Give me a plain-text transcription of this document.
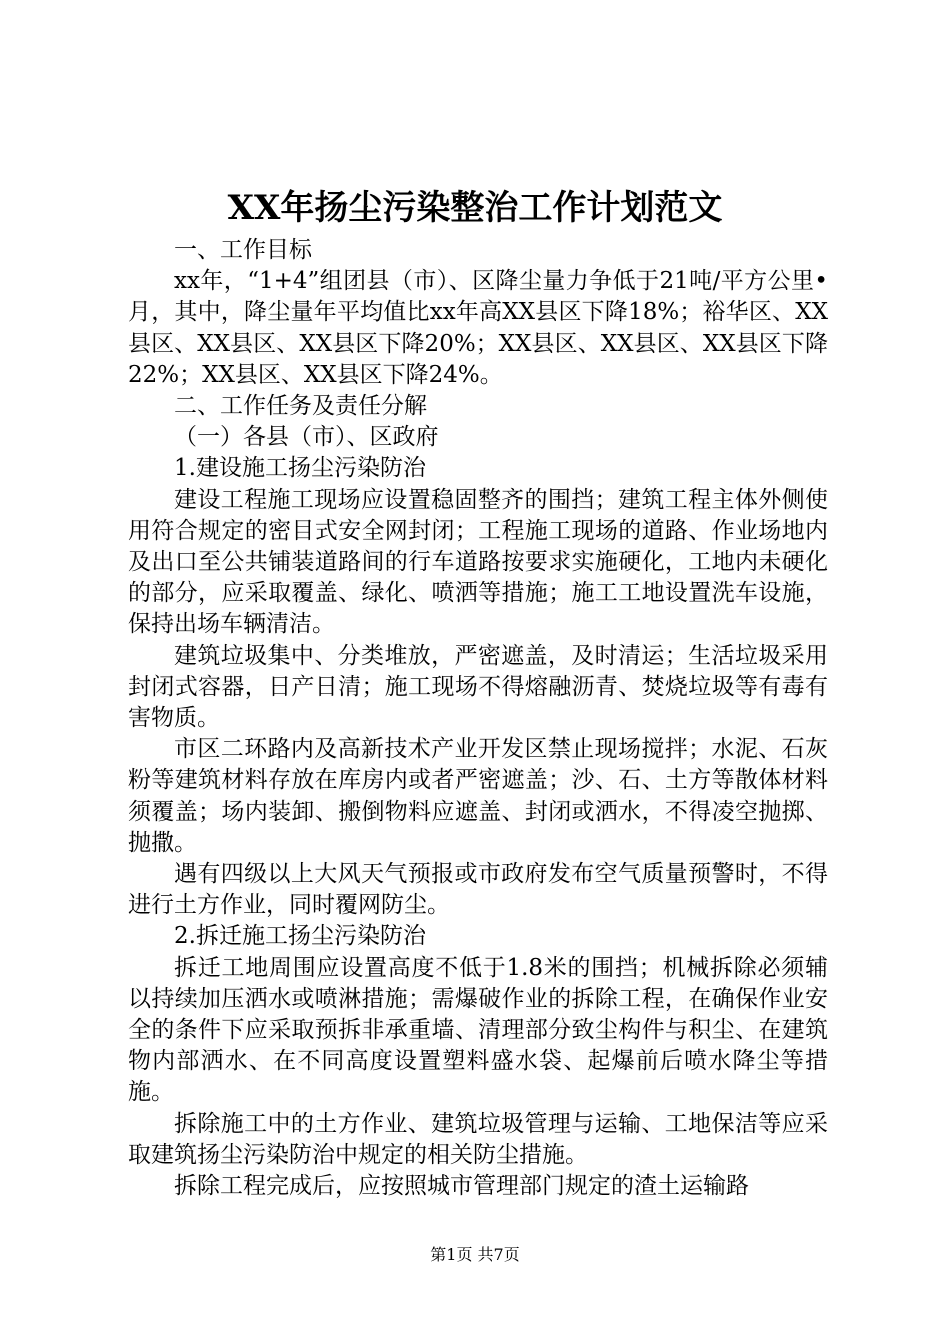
XX年扬尘污染整治工作计划范文

一、工作目标

xx年，“1+4”组团县（市）、区降尘量力争低于21吨/平方公里•月，其中，降尘量年平均值比xx年高XX县区下降18%；裕华区、XX县区、XX县区、XX县区下降20%；XX县区、XX县区、XX县区下降22%；XX县区、XX县区下降24%。

二、工作任务及责任分解

（一）各县（市）、区政府

1.建设施工扬尘污染防治

建设工程施工现场应设置稳固整齐的围挡；建筑工程主体外侧使用符合规定的密目式安全网封闭；工程施工现场的道路、作业场地内及出口至公共铺装道路间的行车道路按要求实施硬化，工地内未硬化的部分，应采取覆盖、绿化、喷洒等措施；施工工地设置洗车设施，保持出场车辆清洁。

建筑垃圾集中、分类堆放，严密遮盖，及时清运；生活垃圾采用封闭式容器，日产日清；施工现场不得熔融沥青、焚烧垃圾等有毒有害物质。

市区二环路内及高新技术产业开发区禁止现场搅拌；水泥、石灰粉等建筑材料存放在库房内或者严密遮盖；沙、石、土方等散体材料须覆盖；场内装卸、搬倒物料应遮盖、封闭或洒水，不得凌空抛掷、抛撒。

遇有四级以上大风天气预报或市政府发布空气质量预警时，不得进行土方作业，同时覆网防尘。

2.拆迁施工扬尘污染防治

拆迁工地周围应设置高度不低于1.8米的围挡；机械拆除必须辅以持续加压洒水或喷淋措施；需爆破作业的拆除工程，在确保作业安全的条件下应采取预拆非承重墙、清理部分致尘构件与积尘、在建筑物内部洒水、在不同高度设置塑料盛水袋、起爆前后喷水降尘等措施。

拆除施工中的土方作业、建筑垃圾管理与运输、工地保洁等应采取建筑扬尘污染防治中规定的相关防尘措施。

拆除工程完成后，应按照城市管理部门规定的渣土运输路

第1页 共7页
